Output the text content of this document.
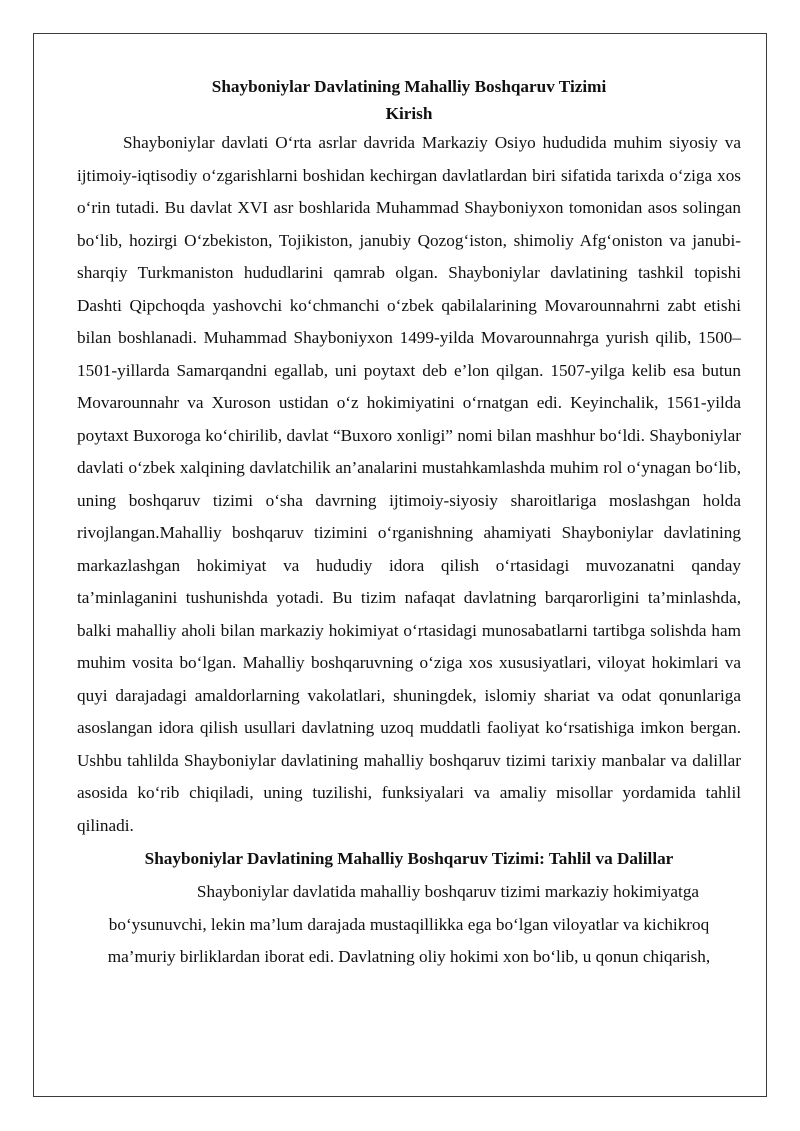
Shayboniylar Davlatining Mahalliy Boshqaruv Tizimi

Kirish

Shayboniylar davlati O‘rta asrlar davrida Markaziy Osiyo hududida muhim siyosiy va ijtimoiy-iqtisodiy o‘zgarishlarni boshidan kechirgan davlatlardan biri sifatida tarixda o‘ziga xos o‘rin tutadi. Bu davlat XVI asr boshlarida Muhammad Shayboniyxon tomonidan asos solingan bo‘lib, hozirgi O‘zbekiston, Tojikiston, janubiy Qozog‘iston, shimoliy Afg‘oniston va janubi-sharqiy Turkmaniston hududlarini qamrab olgan. Shayboniylar davlatining tashkil topishi Dashti Qipchoqda yashovchi ko‘chmanchi o‘zbek qabilalarining Movarounnahrni zabt etishi bilan boshlanadi. Muhammad Shayboniyxon 1499-yilda Movarounnahrga yurish qilib, 1500–1501-yillarda Samarqandni egallab, uni poytaxt deb e’lon qilgan. 1507-yilga kelib esa butun Movarounnahr va Xuroson ustidan o‘z hokimiyatini o‘rnatgan edi. Keyinchalik, 1561-yilda poytaxt Buxoroga ko‘chirilib, davlat “Buxoro xonligi” nomi bilan mashhur bo‘ldi. Shayboniylar davlati o‘zbek xalqining davlatchilik an’analarini mustahkamlashda muhim rol o‘ynagan bo‘lib, uning boshqaruv tizimi o‘sha davrning ijtimoiy-siyosiy sharoitlariga moslashgan holda rivojlangan.Mahalliy boshqaruv tizimini o‘rganishning ahamiyati Shayboniylar davlatining markazlashgan hokimiyat va hududiy idora qilish o‘rtasidagi muvozanatni qanday ta’minlaganini tushunishda yotadi. Bu tizim nafaqat davlatning barqarorligini ta’minlashda, balki mahalliy aholi bilan markaziy hokimiyat o‘rtasidagi munosabatlarni tartibga solishda ham muhim vosita bo‘lgan. Mahalliy boshqaruvning o‘ziga xos xususiyatlari, viloyat hokimlari va quyi darajadagi amaldorlarning vakolatlari, shuningdek, islomiy shariat va odat qonunlariga asoslangan idora qilish usullari davlatning uzoq muddatli faoliyat ko‘rsatishiga imkon bergan. Ushbu tahlilda Shayboniylar davlatining mahalliy boshqaruv tizimi tarixiy manbalar va dalillar asosida ko‘rib chiqiladi, uning tuzilishi, funksiyalari va amaliy misollar yordamida tahlil qilinadi.

Shayboniylar Davlatining Mahalliy Boshqaruv Tizimi: Tahlil va Dalillar

Shayboniylar davlatida mahalliy boshqaruv tizimi markaziy hokimiyatga bo‘ysunuvchi, lekin ma’lum darajada mustaqillikka ega bo‘lgan viloyatlar va kichikroq ma’muriy birliklardan iborat edi. Davlatning oliy hokimi xon bo‘lib, u qonun chiqarish,
